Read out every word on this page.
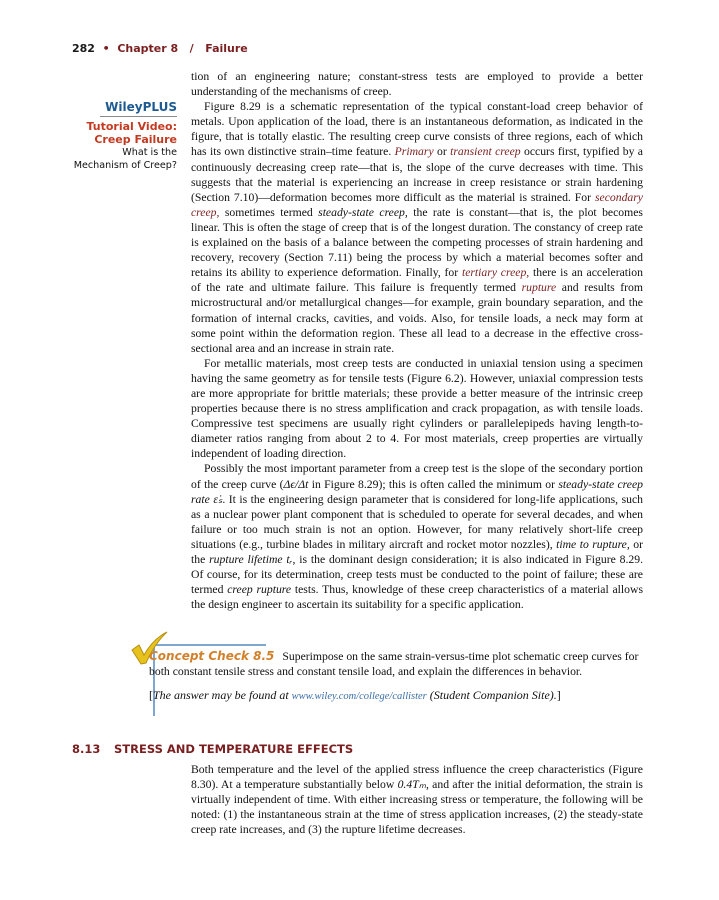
282 • Chapter 8 / Failure
WileyPLUS
Tutorial Video:
Creep Failure
What is the
Mechanism of Creep?

tion of an engineering nature; constant-stress tests are employed to provide a better understanding of the mechanisms of creep.

Figure 8.29 is a schematic representation of the typical constant-load creep behavior of metals. Upon application of the load, there is an instantaneous deformation, as indicated in the figure, that is totally elastic. The resulting creep curve consists of three regions, each of which has its own distinctive strain–time feature. Primary or transient creep occurs first, typified by a continuously decreasing creep rate—that is, the slope of the curve decreases with time. This suggests that the material is experiencing an increase in creep resistance or strain hardening (Section 7.10)—deformation becomes more difficult as the material is strained. For secondary creep, sometimes termed steady-state creep, the rate is constant—that is, the plot becomes linear. This is often the stage of creep that is of the longest duration. The constancy of creep rate is explained on the basis of a balance between the competing processes of strain hardening and recovery, recovery (Section 7.11) being the process by which a material becomes softer and retains its ability to experience deformation. Finally, for tertiary creep, there is an acceleration of the rate and ultimate failure. This failure is frequently termed rupture and results from microstructural and/or metallurgical changes—for example, grain boundary separation, and the formation of internal cracks, cavities, and voids. Also, for tensile loads, a neck may form at some point within the deformation region. These all lead to a decrease in the effective cross-sectional area and an increase in strain rate.

For metallic materials, most creep tests are conducted in uniaxial tension using a specimen having the same geometry as for tensile tests (Figure 6.2). However, uniaxial compression tests are more appropriate for brittle materials; these provide a better measure of the intrinsic creep properties because there is no stress amplification and crack propagation, as with tensile loads. Compressive test specimens are usually right cylinders or parallelepipeds having length-to-diameter ratios ranging from about 2 to 4. For most materials, creep properties are virtually independent of loading direction.

Possibly the most important parameter from a creep test is the slope of the secondary portion of the creep curve (Δϵ/Δt in Figure 8.29); this is often called the minimum or steady-state creep rate ε̇ₛ. It is the engineering design parameter that is considered for long-life applications, such as a nuclear power plant component that is scheduled to operate for several decades, and when failure or too much strain is not an option. However, for many relatively short-life creep situations (e.g., turbine blades in military aircraft and rocket motor nozzles), time to rupture, or the rupture lifetime tᵣ, is the dominant design consideration; it is also indicated in Figure 8.29. Of course, for its determination, creep tests must be conducted to the point of failure; these are termed creep rupture tests. Thus, knowledge of these creep characteristics of a material allows the design engineer to ascertain its suitability for a specific application.

Concept Check 8.5 Superimpose on the same strain-versus-time plot schematic creep curves for both constant tensile stress and constant tensile load, and explain the differences in behavior.
[The answer may be found at www.wiley.com/college/callister (Student Companion Site).]
8.13 STRESS AND TEMPERATURE EFFECTS

Both temperature and the level of the applied stress influence the creep characteristics (Figure 8.30). At a temperature substantially below 0.4Tₘ, and after the initial deformation, the strain is virtually independent of time. With either increasing stress or temperature, the following will be noted: (1) the instantaneous strain at the time of stress application increases, (2) the steady-state creep rate increases, and (3) the rupture lifetime decreases.
